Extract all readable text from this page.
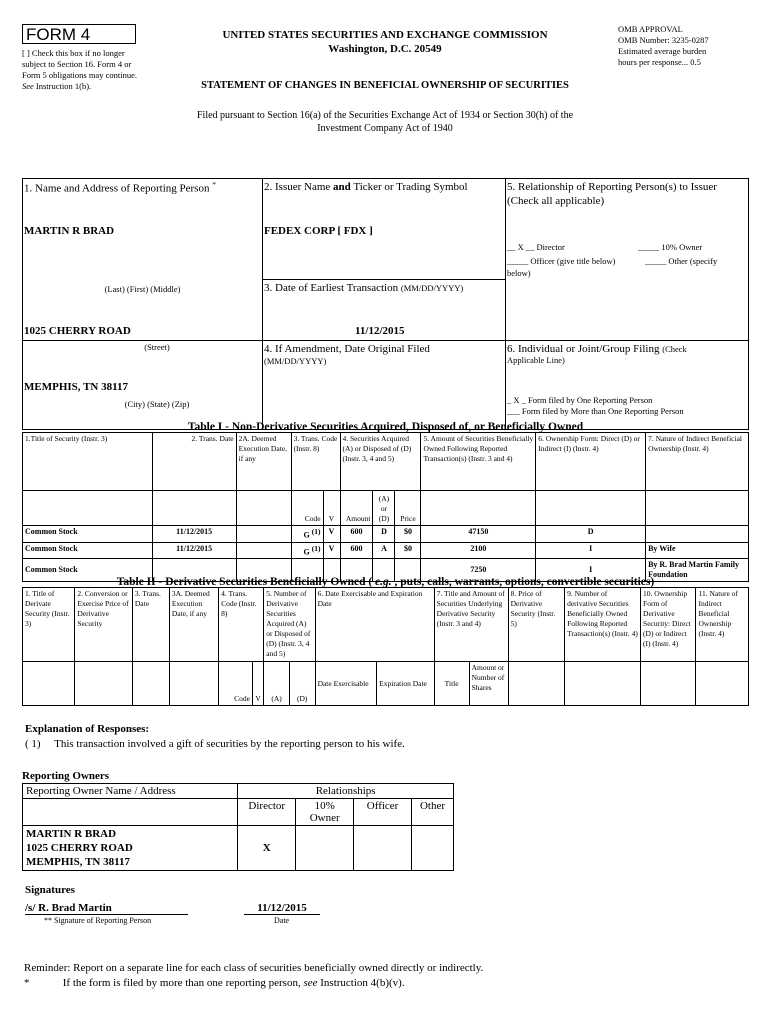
FORM 4
[ ] Check this box if no longer subject to Section 16. Form 4 or Form 5 obligations may continue. See Instruction 1(b).
UNITED STATES SECURITIES AND EXCHANGE COMMISSION
Washington, D.C. 20549
OMB APPROVAL
OMB Number: 3235-0287
Estimated average burden
hours per response... 0.5
STATEMENT OF CHANGES IN BENEFICIAL OWNERSHIP OF SECURITIES
Filed pursuant to Section 16(a) of the Securities Exchange Act of 1934 or Section 30(h) of the
Investment Company Act of 1940
1. Name and Address of Reporting Person *
MARTIN R BRAD
(Last) (First) (Middle)
1025 CHERRY ROAD
(Street)
MEMPHIS, TN 38117
(City) (State) (Zip)
2. Issuer Name and Ticker or Trading Symbol
FEDEX CORP [ FDX ]
3. Date of Earliest Transaction (MM/DD/YYYY)
11/12/2015
4. If Amendment, Date Original Filed
(MM/DD/YYYY)
5. Relationship of Reporting Person(s) to Issuer
(Check all applicable)
__ X __ Director	_____ 10% Owner
_____ Officer (give title below)	_____ Other (specify
below)
6. Individual or Joint/Group Filing (Check
Applicable Line)
_ X _ Form filed by One Reporting Person
___ Form filed by More than One Reporting Person
Table I - Non-Derivative Securities Acquired, Disposed of, or Beneficially Owned
1.Title of Security (Instr. 3)	2. Trans. Date	2A. Deemed Execution Date, if any	3. Trans. Code (Instr. 8)		4. Securities Acquired (A) or Disposed of (D) (Instr. 3, 4 and 5)			5. Amount of Securities Beneficially Owned Following Reported Transaction(s) (Instr. 3 and 4)	6. Ownership Form: Direct (D) or Indirect (I) (Instr. 4)	7. Nature of Indirect Beneficial Ownership (Instr. 4)
			Code	V	Amount	(A) or (D)	Price			
Common Stock	11/12/2015		G $^{(1)}$	V	600	D	$0	47150	D	
Common Stock	11/12/2015		G $^{(1)}$	V	600	A	$0	2100	I	By Wife
Common Stock								7250	I	By R. Brad Martin Family Foundation
Table II - Derivative Securities Beneficially Owned ( e.g. , puts, calls, warrants, options, convertible securities)
1. Title of Derivate Security (Instr. 3)	2. Conversion or Exercise Price of Derivative Security	3. Trans. Date	3A. Deemed Execution Date, if any	4. Trans. Code (Instr. 8)		5. Number of Derivative Securities Acquired (A) or Disposed of (D) (Instr. 3, 4 and 5)		6. Date Exercisable and Expiration Date		7. Title and Amount of Securities Underlying Derivative Security (Instr. 3 and 4)		8. Price of Derivative Security (Instr. 5)	9. Number of derivative Securities Beneficially Owned Following Reported Transaction(s) (Instr. 4)	10. Ownership Form of Derivative Security: Direct (D) or Indirect (I) (Instr. 4)	11. Nature of Indirect Beneficial Ownership (Instr. 4)
				Code	V	(A)	(D)	Date Exercisable	Expiration Date	Title	Amount or Number of Shares				
Explanation of Responses:
( 1)     This transaction involved a gift of securities by the reporting person to his wife.
Reporting Owners
Reporting Owner Name / Address	Relationships			
	Director	10% Owner	Officer	Other

MARTIN R BRAD
1025 CHERRY ROAD
MEMPHIS, TN 38117	X			
Signatures
/s/ R. Brad Martin	11/12/2015
** Signature of Reporting Person	Date
Reminder: Report on a separate line for each class of securities beneficially owned directly or indirectly.
*	If the form is filed by more than one reporting person, see Instruction 4(b)(v).
